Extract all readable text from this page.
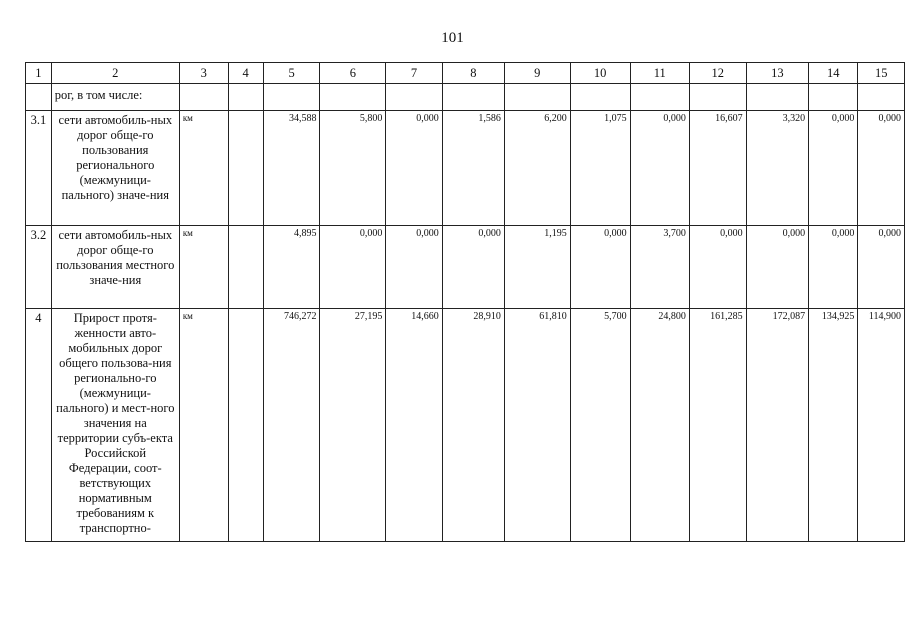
101
1	2	3	4	5	6	7	8	9	10	11	12	13	14	15
	рог, в том числе:													
3.1	сети автомобиль-ных дорог обще-го пользования регионального (межмуници-пального) значе-ния	км		34,588	5,800	0,000	1,586	6,200	1,075	0,000	16,607	3,320	0,000	0,000
3.2	сети автомобиль-ных дорог обще-го пользования местного значе-ния	км		4,895	0,000	0,000	0,000	1,195	0,000	3,700	0,000	0,000	0,000	0,000
4	Прирост протя-женности авто-мобильных дорог общего пользова-ния регионально-го (межмуници-пального) и мест-ного значения на территории субъ-екта Российской Федерации, соот-ветствующих нормативным требованиям к транспортно-	км		746,272	27,195	14,660	28,910	61,810	5,700	24,800	161,285	172,087	134,925	114,900
